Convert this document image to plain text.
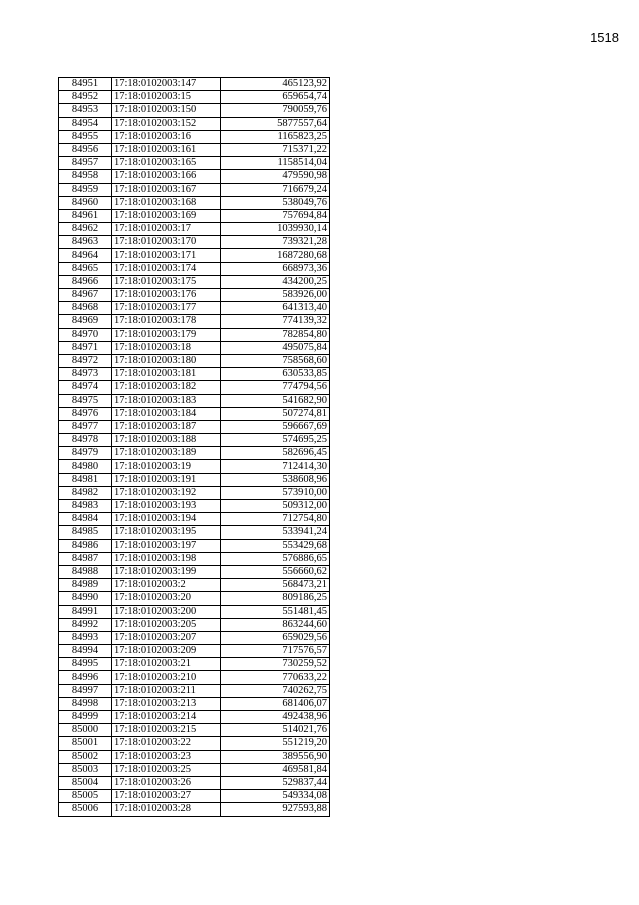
1518
84951	17:18:0102003:147	465123,92
84952	17:18:0102003:15	659654,74
84953	17:18:0102003:150	790059,76
84954	17:18:0102003:152	5877557,64
84955	17:18:0102003:16	1165823,25
84956	17:18:0102003:161	715371,22
84957	17:18:0102003:165	1158514,04
84958	17:18:0102003:166	479590,98
84959	17:18:0102003:167	716679,24
84960	17:18:0102003:168	538049,76
84961	17:18:0102003:169	757694,84
84962	17:18:0102003:17	1039930,14
84963	17:18:0102003:170	739321,28
84964	17:18:0102003:171	1687280,68
84965	17:18:0102003:174	668973,36
84966	17:18:0102003:175	434200,25
84967	17:18:0102003:176	583926,00
84968	17:18:0102003:177	641313,40
84969	17:18:0102003:178	774139,32
84970	17:18:0102003:179	782854,80
84971	17:18:0102003:18	495075,84
84972	17:18:0102003:180	758568,60
84973	17:18:0102003:181	630533,85
84974	17:18:0102003:182	774794,56
84975	17:18:0102003:183	541682,90
84976	17:18:0102003:184	507274,81
84977	17:18:0102003:187	596667,69
84978	17:18:0102003:188	574695,25
84979	17:18:0102003:189	582696,45
84980	17:18:0102003:19	712414,30
84981	17:18:0102003:191	538608,96
84982	17:18:0102003:192	573910,00
84983	17:18:0102003:193	509312,00
84984	17:18:0102003:194	712754,80
84985	17:18:0102003:195	533941,24
84986	17:18:0102003:197	553429,68
84987	17:18:0102003:198	576886,65
84988	17:18:0102003:199	556660,62
84989	17:18:0102003:2	568473,21
84990	17:18:0102003:20	809186,25
84991	17:18:0102003:200	551481,45
84992	17:18:0102003:205	863244,60
84993	17:18:0102003:207	659029,56
84994	17:18:0102003:209	717576,57
84995	17:18:0102003:21	730259,52
84996	17:18:0102003:210	770633,22
84997	17:18:0102003:211	740262,75
84998	17:18:0102003:213	681406,07
84999	17:18:0102003:214	492438,96
85000	17:18:0102003:215	514021,76
85001	17:18:0102003:22	551219,20
85002	17:18:0102003:23	389556,90
85003	17:18:0102003:25	469581,84
85004	17:18:0102003:26	529837,44
85005	17:18:0102003:27	549334,08
85006	17:18:0102003:28	927593,88
